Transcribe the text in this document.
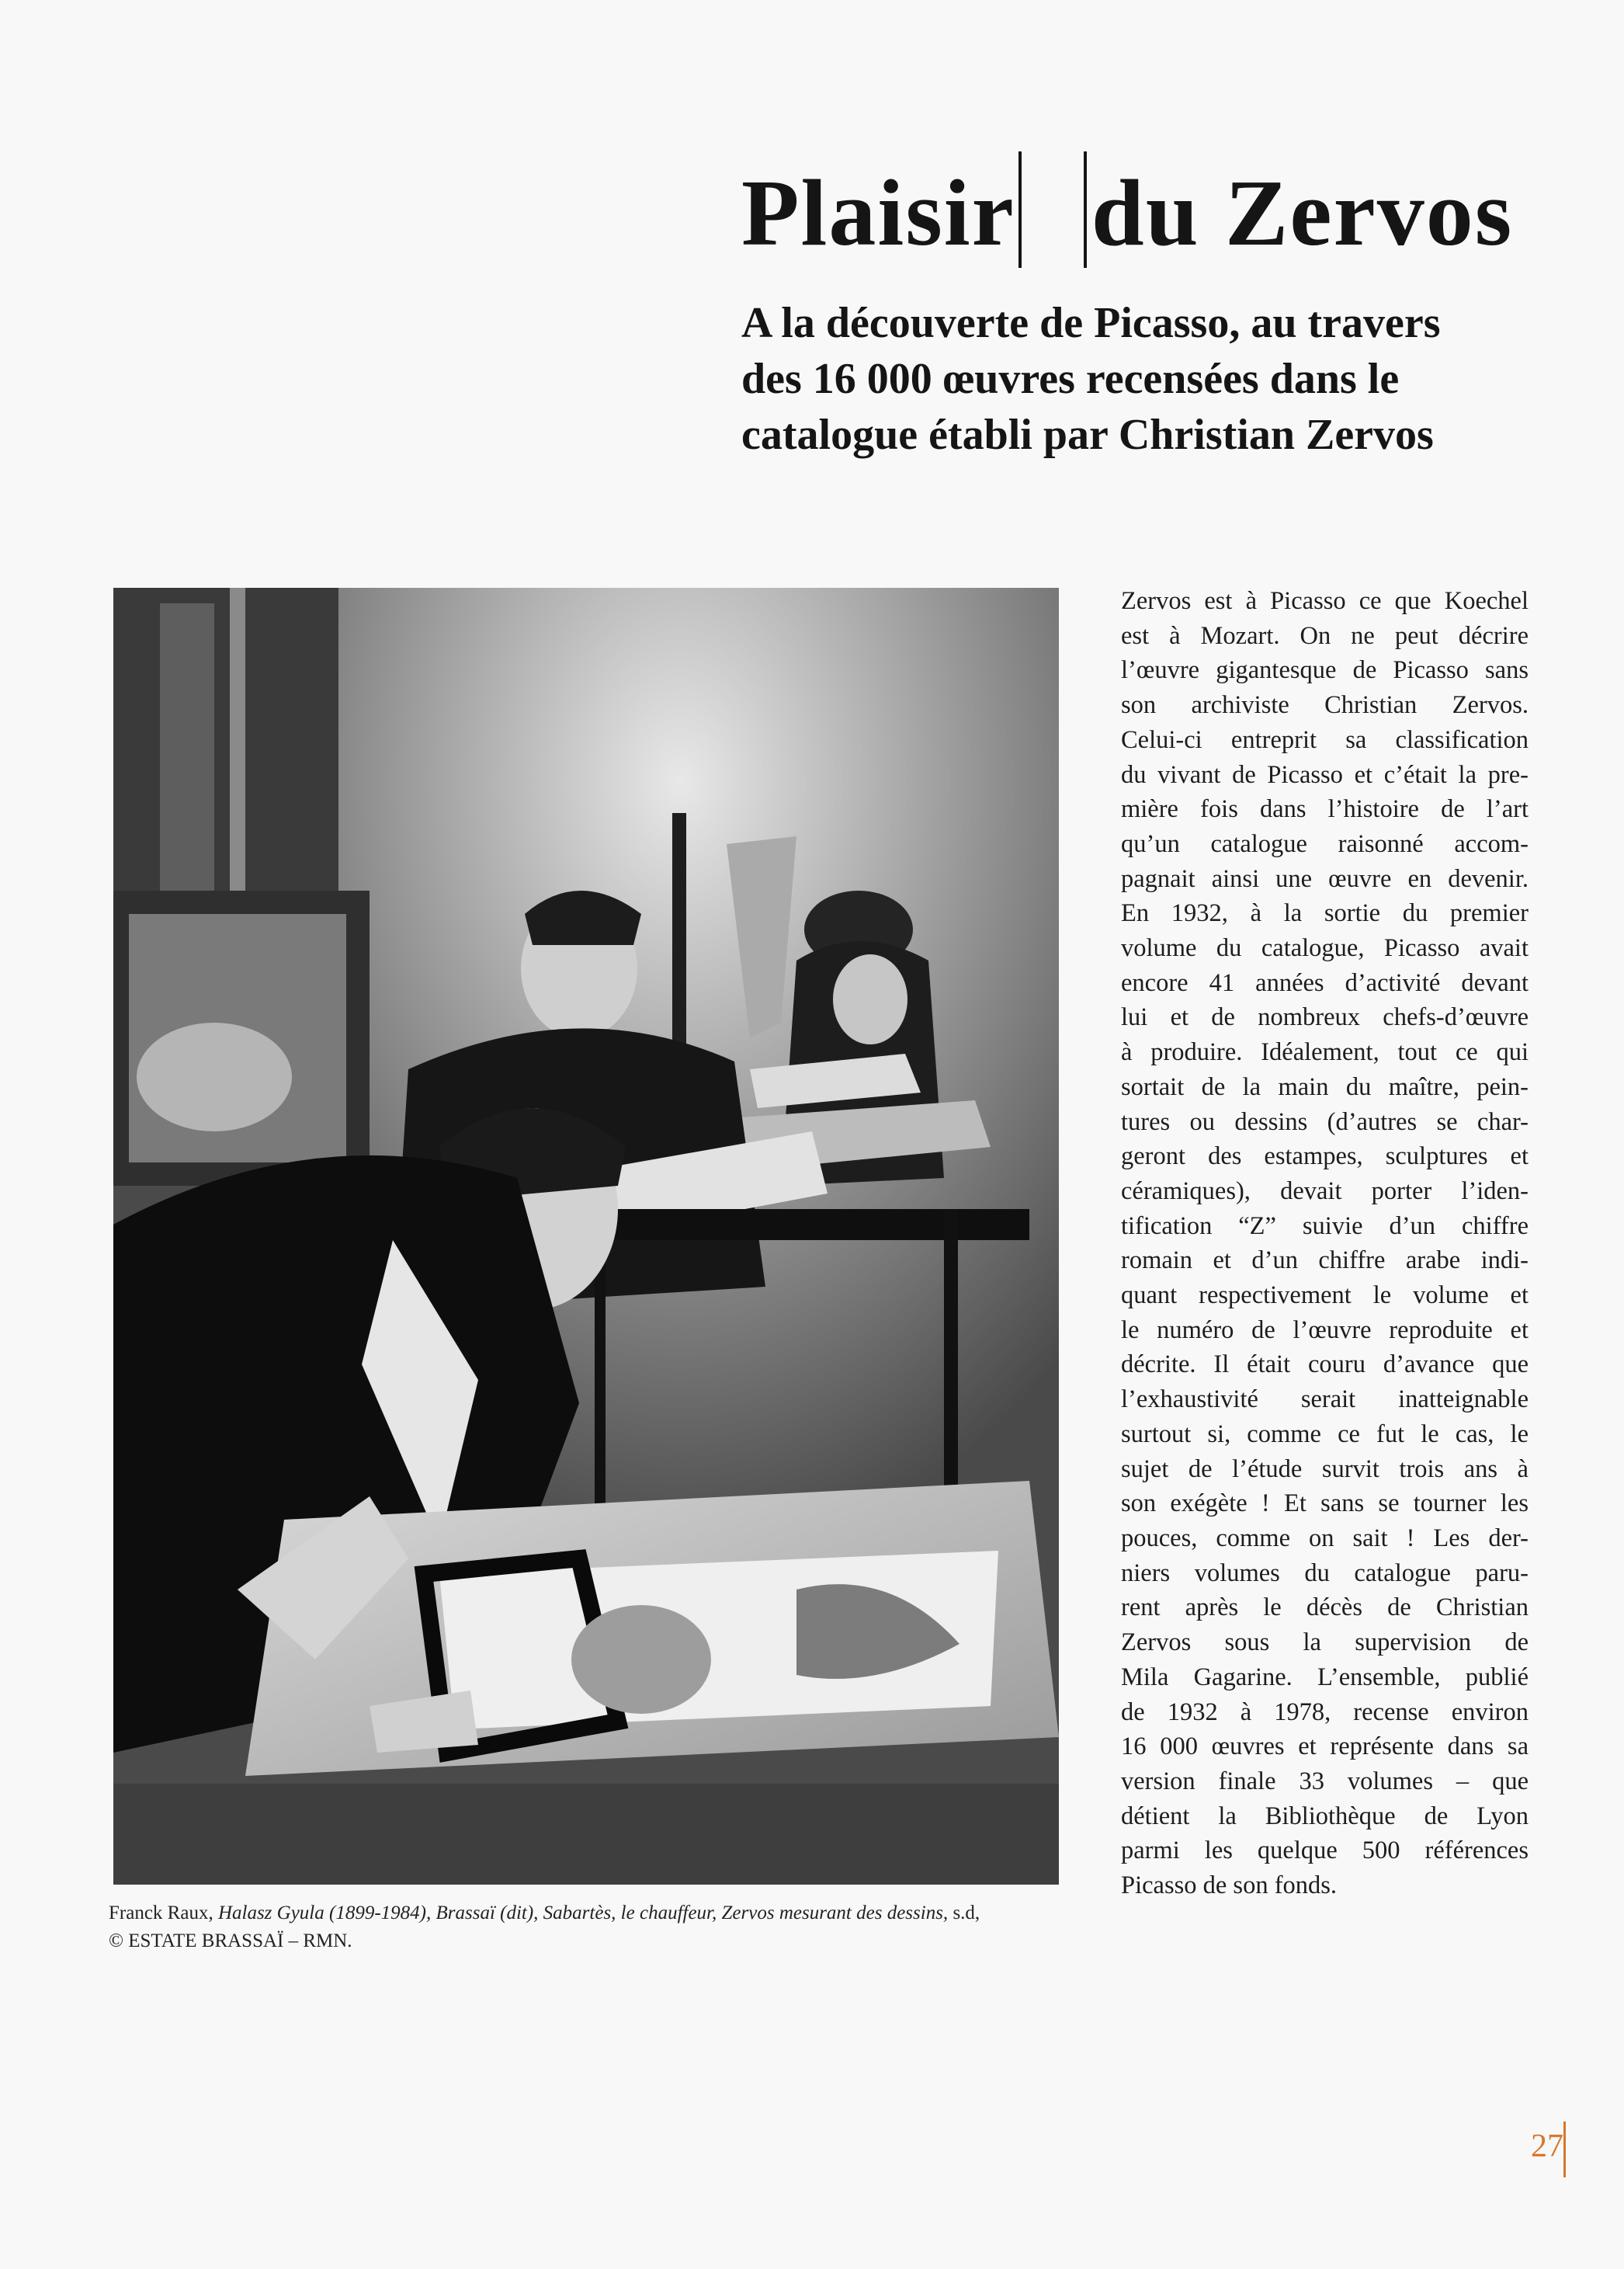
Plaisir du Zervos
A la découverte de Picasso, au travers
des 16 000 œuvres recensées dans le
catalogue établi par Christian Zervos
Franck Raux, Halasz Gyula (1899-1984), Brassaï (dit), Sabartès, le chauffeur, Zervos mesurant des dessins, s.d,
© ESTATE BRASSAÏ – RMN.
Zervos est à Picasso ce que Koechel
est à Mozart. On ne peut décrire
l’œuvre gigantesque de Picasso sans
son archiviste Christian Zervos.
Celui-ci entreprit sa classification
du vivant de Picasso et c’était la pre-
mière fois dans l’histoire de l’art
qu’un catalogue raisonné accom-
pagnait ainsi une œuvre en devenir.
En 1932, à la sortie du premier
volume du catalogue, Picasso avait
encore 41 années d’activité devant
lui et de nombreux chefs-d’œuvre
à produire. Idéalement, tout ce qui
sortait de la main du maître, pein-
tures ou dessins (d’autres se char-
geront des estampes, sculptures et
céramiques), devait porter l’iden-
tification “Z” suivie d’un chiffre
romain et d’un chiffre arabe indi-
quant respectivement le volume et
le numéro de l’œuvre reproduite et
décrite. Il était couru d’avance que
l’exhaustivité serait inatteignable
surtout si, comme ce fut le cas, le
sujet de l’étude survit trois ans à
son exégète ! Et sans se tourner les
pouces, comme on sait ! Les der-
niers volumes du catalogue paru-
rent après le décès de Christian
Zervos sous la supervision de
Mila Gagarine. L’ensemble, publié
de 1932 à 1978, recense environ
16 000 œuvres et représente dans sa
version finale 33 volumes – que
détient la Bibliothèque de Lyon
parmi les quelque 500 références
Picasso de son fonds.
27
